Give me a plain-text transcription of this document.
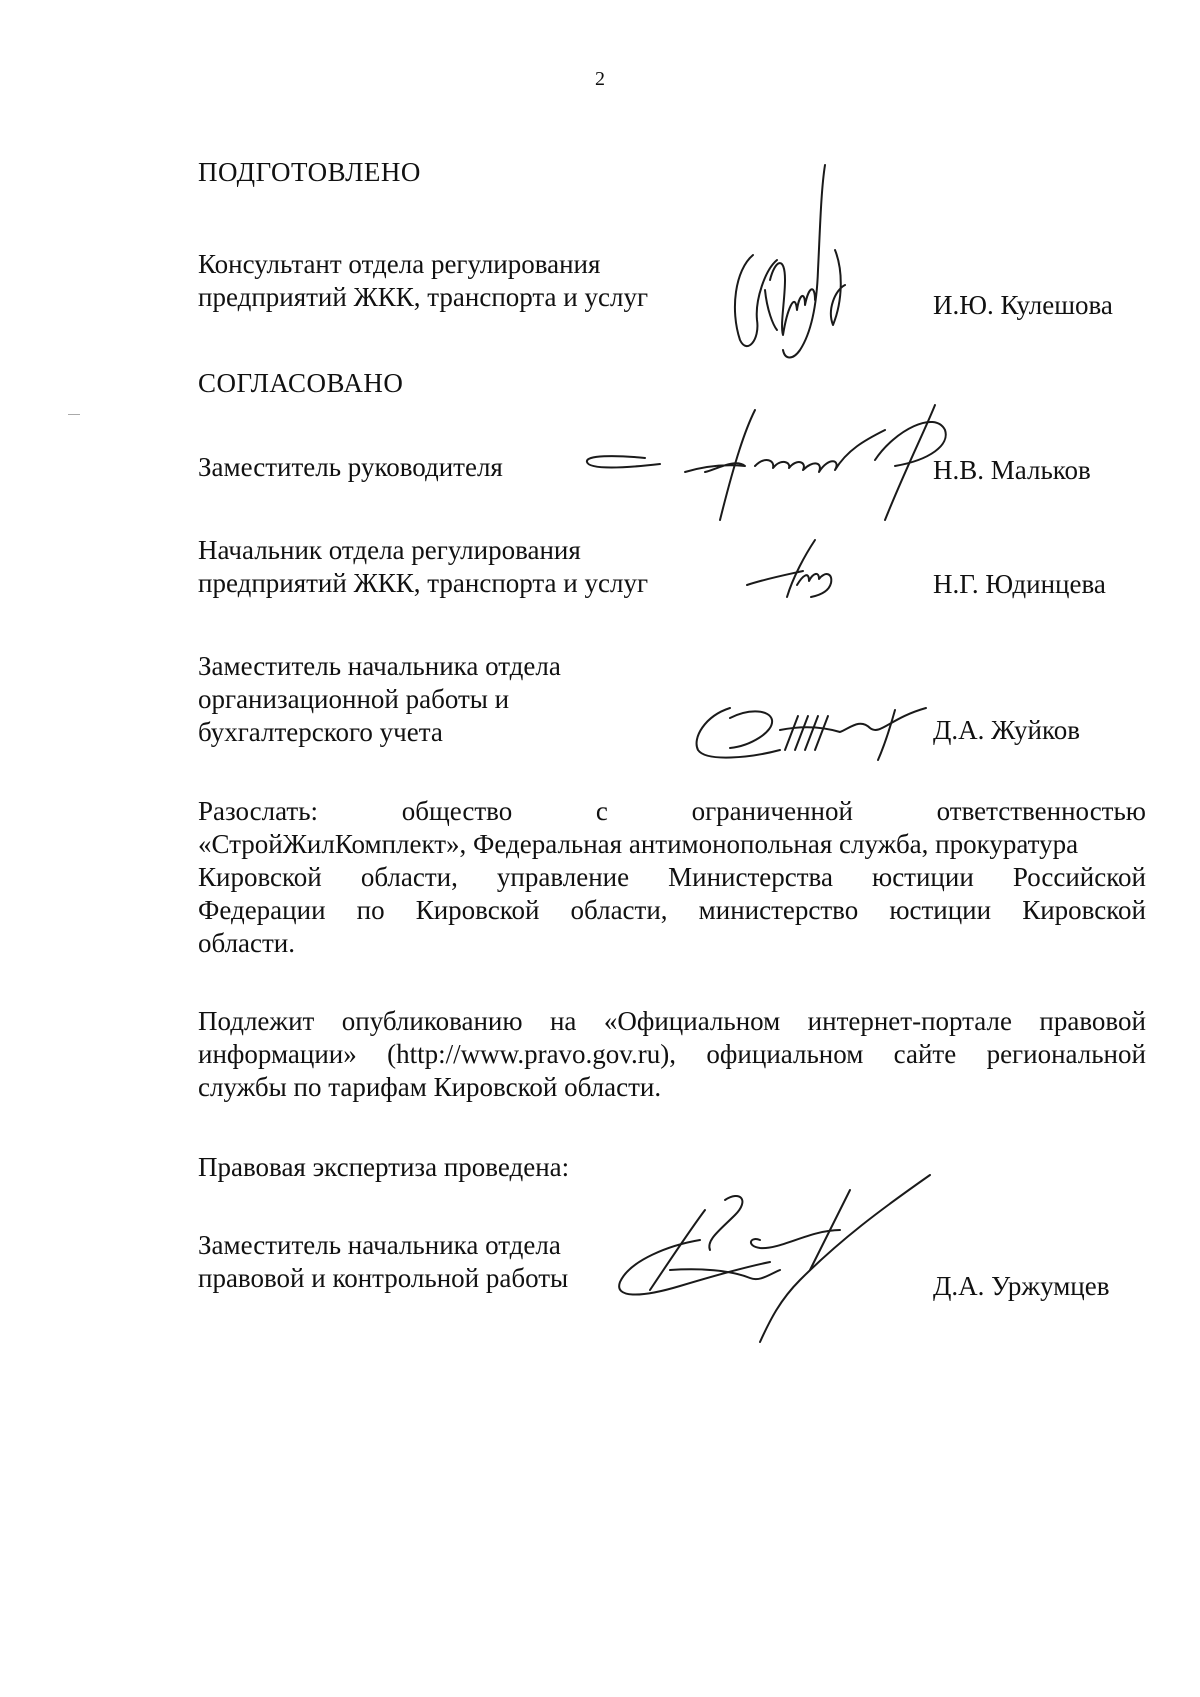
2
ПОДГОТОВЛЕНО
Консультант отдела регулирования
предприятий ЖКК, транспорта и услуг	И.Ю. Кулешова
СОГЛАСОВАНО
Заместитель руководителя	Н.В. Мальков
Начальник отдела регулирования
предприятий ЖКК, транспорта и услуг	Н.Г. Юдинцева
Заместитель начальника отдела
организационной работы и
бухгалтерского учета	Д.А. Жуйков
Разослать:	общество	с	ограниченной	ответственностью
«СтройЖилКомплект», Федеральная антимонопольная служба, прокуратура
Кировской области, управление Министерства юстиции Российской
Федерации по Кировской области, министерство юстиции Кировской
области.
Подлежит опубликованию на «Официальном интернет-портале правовой
информации» (http://www.pravo.gov.ru), официальном сайте региональной
службы по тарифам Кировской области.
Правовая экспертиза проведена:
Заместитель начальника отдела
правовой и контрольной работы	Д.А. Уржумцев
